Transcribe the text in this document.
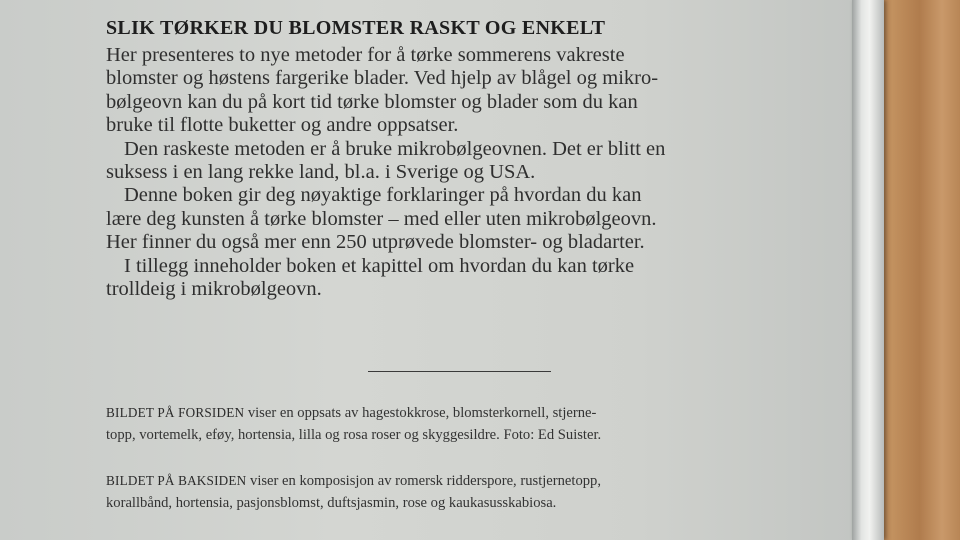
SLIK TØRKER DU BLOMSTER RASKT OG ENKELT

Her presenteres to nye metoder for å tørke sommerens vakreste
blomster og høstens fargerike blader. Ved hjelp av blågel og mikro-
bølgeovn kan du på kort tid tørke blomster og blader som du kan
bruke til flotte buketter og andre oppsatser.

Den raskeste metoden er å bruke mikrobølgeovnen. Det er blitt en
suksess i en lang rekke land, bl.a. i Sverige og USA.

Denne boken gir deg nøyaktige forklaringer på hvordan du kan
lære deg kunsten å tørke blomster – med eller uten mikrobølgeovn.
Her finner du også mer enn 250 utprøvede blomster- og bladarter.

I tillegg inneholder boken et kapittel om hvordan du kan tørke
trolldeig i mikrobølgeovn.

BILDET PÅ FORSIDEN viser en oppsats av hagestokkrose, blomsterkornell, stjerne-
topp, vortemelk, eføy, hortensia, lilla og rosa roser og skyggesildre. Foto: Ed Suister.
BILDET PÅ BAKSIDEN viser en komposisjon av romersk ridderspore, rustjernetopp,
korallbånd, hortensia, pasjonsblomst, duftsjasmin, rose og kaukasusskabiosa.
